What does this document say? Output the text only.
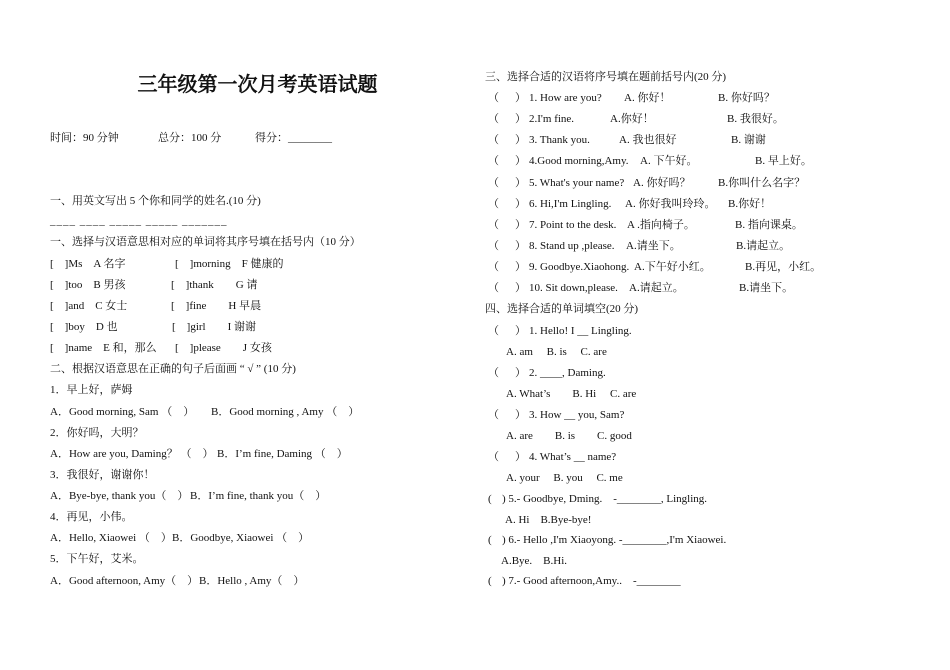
三年级第一次月考英语试题
时间：90 分钟	总分：100 分	得分：________
一、用英文写出 5 个你和同学的姓名.(10 分)
____ ____ _____ _____ _______
一、选择与汉语意思相对应的单词将其序号填在括号内（10 分）
[　]Ms　A 名字	[　]morning　F 健康的
[　]too　B 男孩	[　]thank　　G 请
[　]and　C 女士	[　]fine　　H 早晨
[　]boy　D 也	[　]girl　　I 谢谢
[　]name　E 和，那么 [　]please　　J 女孩
二、根据汉语意思在正确的句子后面画 “ √ ” (10 分)
1．早上好，萨姆
A．Good morning, Sam （　） B．Good morning , Amy （　）
2．你好吗，大明？
A．How are you, Daming？ （　） B．I’m fine, Daming （　）
3．我很好，谢谢你！
A．Bye-bye, thank you（　） B．I’m fine, thank you（　）
4．再见，小伟。
A．Hello, Xiaowei （　） B．Goodbye, Xiaowei （　）
5．下午好，艾米。
A．Good afternoon, Amy（　） B．Hello , Amy（　）
三、选择合适的汉语将序号填在题前括号内(20 分)
（ ） 1. How are you? A. 你好！	B. 你好吗？
（ ） 2.I'm fine.	A.你好！	B. 我很好。
（ ） 3. Thank you.	A. 我也很好	B. 谢谢
（ ） 4.Good morning,Amy. A. 下午好。	B. 早上好。
（ ） 5. What's your name? A. 你好吗？	B.你叫什么名字？
（ ） 6. Hi,I'm Lingling. A. 你好我叫玲玲。 B.你好！
（ ） 7. Point to the desk. A .指向椅子。	B. 指向课桌。
（ ） 8. Stand up ,please. A.请坐下。	B.请起立。
（ ） 9. Goodbye.Xiaohong. A.下午好小红。	B.再见，小红。
（ ） 10. Sit down,please. A.请起立。	B.请坐下。
四、选择合适的单词填空(20 分)
（ ） 1. Hello! I __ Lingling.
A. am　 B. is　 C. are
（ ） 2. ____, Daming.
A. What’s　　B. Hi　 C. are
（ ） 3. How __ you, Sam?
A. are　　B. is　　C. good
（ ） 4. What’s __ name?
A. your　 B. you　 C. me
( ) 5.- Goodbye, Dming.　-________, Lingling.
A. Hi　B.Bye-bye!
( ) 6.- Hello ,I'm Xiaoyong. -________,I'm Xiaowei.
A.Bye.　B.Hi.
( ) 7.- Good afternoon,Amy..　-________
